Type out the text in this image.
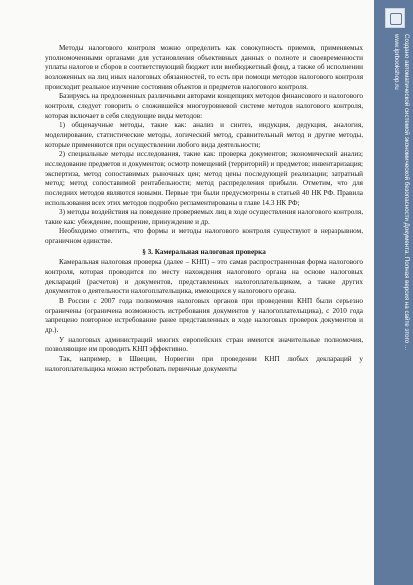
Методы налогового контроля можно определить как совокупность приемов, применяемых уполномоченными органами для установления объективных данных о полноте и своевременности уплаты налогов и сборов в соответствующий бюджет или внебюджетный фонд, а также об исполнении возложенных на лиц иных налоговых обязанностей, то есть при помощи методов налогового контроля происходит реальное изучение состояния объектов и предметов налогового контроля.

Базируясь на предложенных различными авторами концепциях методов финансового и налогового контроля, следует говорить о сложившейся многоуровневой системе методов налогового контроля, которая включает в себя следующие виды методов:

1) общенаучные методы, такие как: анализ и синтез, индукция, дедукция, аналогия, моделирование, статистические методы, логический метод, сравнительный метод и другие методы, которые применяются при осуществлении любого вида деятельности;

2) специальные методы исследования, такие как: проверка документов; экономический анализ; исследование предметов и документов; осмотр помещений (территорий) и предметов; инвентаризация; экспертиза, метод сопоставимых рыночных цен; метод цены последующей реализации; затратный метод; метод сопоставимой рентабельности; метод распределения прибыли. Отметим, что для последних методов являются новыми. Первые три были предусмотрены в статьей 40 НК РФ. Правила использования всех этих методов подробно регламентированы в главе 14.3 НК РФ;

3) методы воздействия на поведение проверяемых лиц в ходе осуществления налогового контроля, такие как: убеждение, поощрение, принуждение и др.

Необходимо отметить, что формы и методы налогового контроля существуют в неразрывном, органичном единстве.

§ 3. Камеральная налоговая проверка

Камеральная налоговая проверка (далее – КНП) – это самая распространенная форма налогового контроля, которая проводится по месту нахождения налогового органа на основе налоговых деклараций (расчетов) и документов, представленных налогоплательщиком, а также других документов о деятельности налогоплательщика, имеющихся у налогового органа.

В России с 2007 года полномочия налоговых органов при проведении КНП были серьезно ограничены (ограничена возможность истребования документов у налогоплательщика), с 2010 года запрещено повторное истребование ранее представленных в ходе налоговых проверок документов и др.).

У налоговых администраций многих европейских стран имеются значительные полномочия, позволяющие им проводить КНП эффективно.

Так, например, в Швеции, Норвегии при проведении КНП любых деклараций у налогоплательщика можно истребовать первичные документы

Создано автоматической системой экономической безопасности Документа. Полная версия на сайте этого ...
www.iprbookshop.ru
